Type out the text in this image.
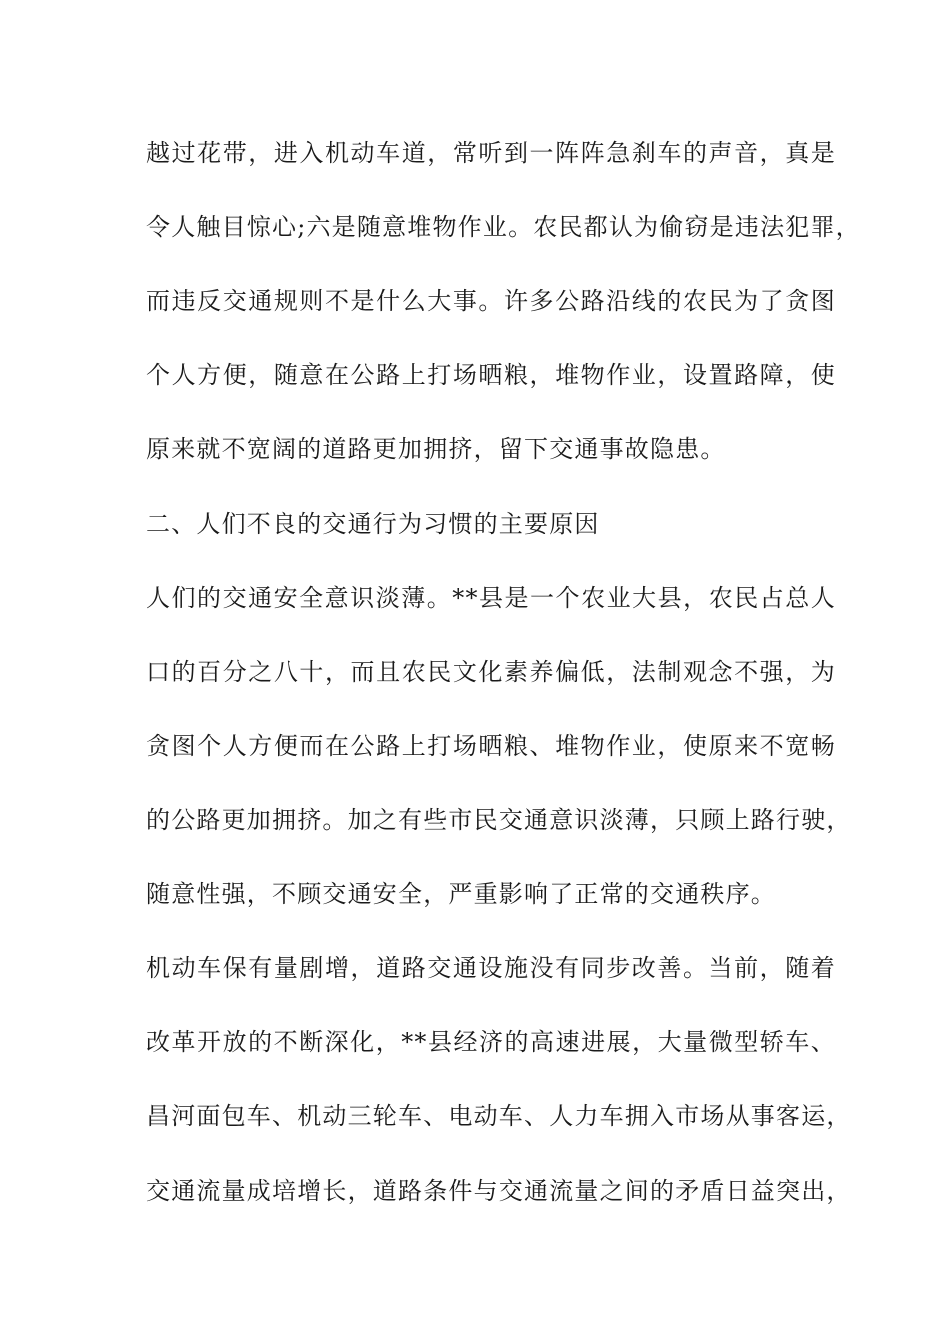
越过花带，进入机动车道，常听到一阵阵急刹车的声音，真是
令人触目惊心;六是随意堆物作业。农民都认为偷窃是违法犯罪，
而违反交通规则不是什么大事。许多公路沿线的农民为了贪图
个人方便，随意在公路上打场晒粮，堆物作业，设置路障，使
原来就不宽阔的道路更加拥挤，留下交通事故隐患。
二、人们不良的交通行为习惯的主要原因
人们的交通安全意识淡薄。**县是一个农业大县，农民占总人
口的百分之八十，而且农民文化素养偏低，法制观念不强，为
贪图个人方便而在公路上打场晒粮、堆物作业，使原来不宽畅
的公路更加拥挤。加之有些市民交通意识淡薄，只顾上路行驶，
随意性强，不顾交通安全，严重影响了正常的交通秩序。
机动车保有量剧增，道路交通设施没有同步改善。当前，随着
改革开放的不断深化，**县经济的高速进展，大量微型轿车、
昌河面包车、机动三轮车、电动车、人力车拥入市场从事客运，
交通流量成培增长，道路条件与交通流量之间的矛盾日益突出，
